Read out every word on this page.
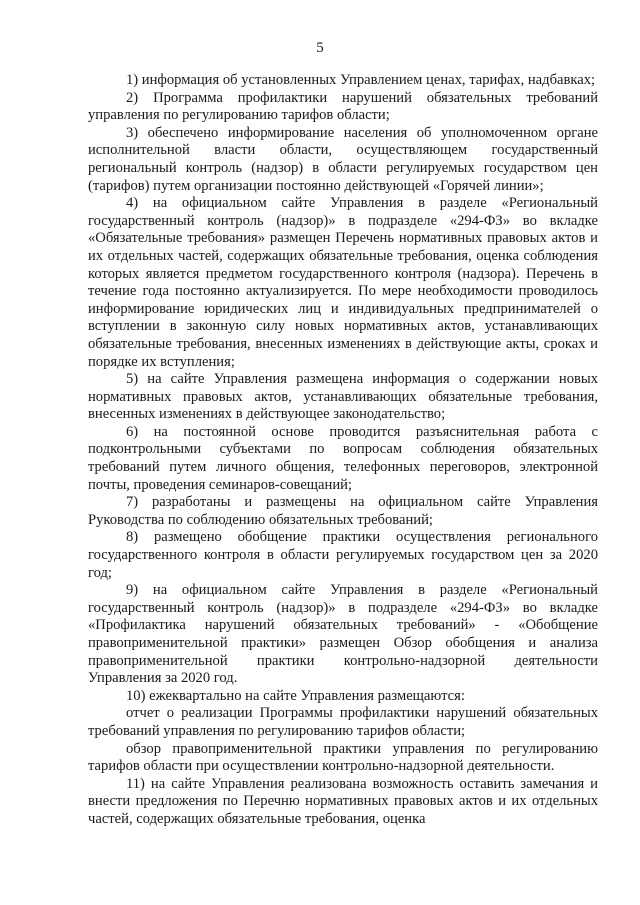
5

1) информация об установленных Управлением ценах, тарифах, надбавках;

2) Программа профилактики нарушений обязательных требований управления по регулированию тарифов области;

3) обеспечено информирование населения об уполномоченном органе исполнительной власти области, осуществляющем государственный региональный контроль (надзор) в области регулируемых государством цен (тарифов) путем организации постоянно действующей «Горячей линии»;

4) на официальном сайте Управления в разделе «Региональный государственный контроль (надзор)» в подразделе «294-ФЗ» во вкладке «Обязательные требования» размещен Перечень нормативных правовых актов и их отдельных частей, содержащих обязательные требования, оценка соблюдения которых является предметом государственного контроля (надзора). Перечень в течение года постоянно актуализируется. По мере необходимости проводилось информирование юридических лиц и индивидуальных предпринимателей о вступлении в законную силу новых нормативных актов, устанавливающих обязательные требования, внесенных изменениях в действующие акты, сроках и порядке их вступления;

5) на сайте Управления размещена информация о содержании новых нормативных правовых актов, устанавливающих обязательные требования, внесенных изменениях в действующее законодательство;

6) на постоянной основе проводится разъяснительная работа с подконтрольными субъектами по вопросам соблюдения обязательных требований путем личного общения, телефонных переговоров, электронной почты, проведения семинаров-совещаний;

7) разработаны и размещены на официальном сайте Управления Руководства по соблюдению обязательных требований;

8) размещено обобщение практики осуществления регионального государственного контроля в области регулируемых государством цен за 2020 год;

9) на официальном сайте Управления в разделе «Региональный государственный контроль (надзор)» в подразделе «294-ФЗ» во вкладке «Профилактика нарушений обязательных требований» - «Обобщение правоприменительной практики» размещен Обзор обобщения и анализа правоприменительной практики контрольно-надзорной деятельности Управления за 2020 год.

10) ежеквартально на сайте Управления размещаются:

отчет о реализации Программы профилактики нарушений обязательных требований управления по регулированию тарифов области;

обзор правоприменительной практики управления по регулированию тарифов области при осуществлении контрольно-надзорной деятельности.

11) на сайте Управления реализована возможность оставить замечания и внести предложения по Перечню нормативных правовых актов и их отдельных частей, содержащих обязательные требования, оценка
